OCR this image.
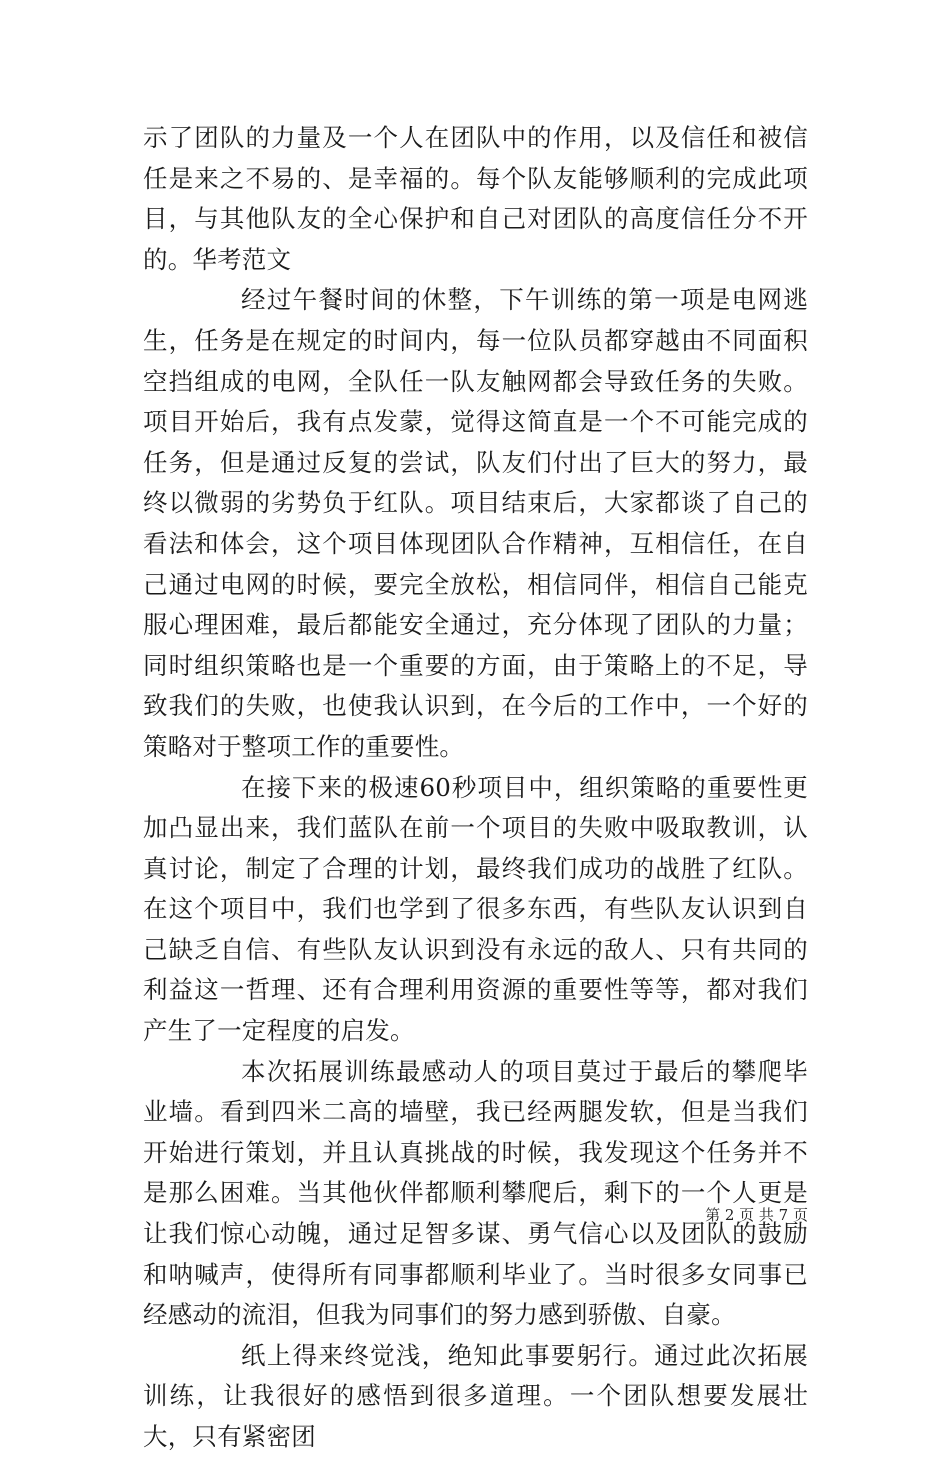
示了团队的力量及一个人在团队中的作用，以及信任和被信任是来之不易的、是幸福的。每个队友能够顺利的完成此项目，与其他队友的全心保护和自己对团队的高度信任分不开的。华考范文

经过午餐时间的休整，下午训练的第一项是电网逃生，任务是在规定的时间内，每一位队员都穿越由不同面积空挡组成的电网，全队任一队友触网都会导致任务的失败。项目开始后，我有点发蒙，觉得这简直是一个不可能完成的任务，但是通过反复的尝试，队友们付出了巨大的努力，最终以微弱的劣势负于红队。项目结束后，大家都谈了自己的看法和体会，这个项目体现团队合作精神，互相信任，在自己通过电网的时候，要完全放松，相信同伴，相信自己能克服心理困难，最后都能安全通过，充分体现了团队的力量；同时组织策略也是一个重要的方面，由于策略上的不足，导致我们的失败，也使我认识到，在今后的工作中，一个好的策略对于整项工作的重要性。

在接下来的极速60秒项目中，组织策略的重要性更加凸显出来，我们蓝队在前一个项目的失败中吸取教训，认真讨论，制定了合理的计划，最终我们成功的战胜了红队。在这个项目中，我们也学到了很多东西，有些队友认识到自己缺乏自信、有些队友认识到没有永远的敌人、只有共同的利益这一哲理、还有合理利用资源的重要性等等，都对我们产生了一定程度的启发。

本次拓展训练最感动人的项目莫过于最后的攀爬毕业墙。看到四米二高的墙壁，我已经两腿发软，但是当我们开始进行策划，并且认真挑战的时候，我发现这个任务并不是那么困难。当其他伙伴都顺利攀爬后，剩下的一个人更是让我们惊心动魄，通过足智多谋、勇气信心以及团队的鼓励和呐喊声，使得所有同事都顺利毕业了。当时很多女同事已经感动的流泪，但我为同事们的努力感到骄傲、自豪。

纸上得来终觉浅，绝知此事要躬行。通过此次拓展训练，让我很好的感悟到很多道理。一个团队想要发展壮大，只有紧密团

第 2 页 共 7 页
